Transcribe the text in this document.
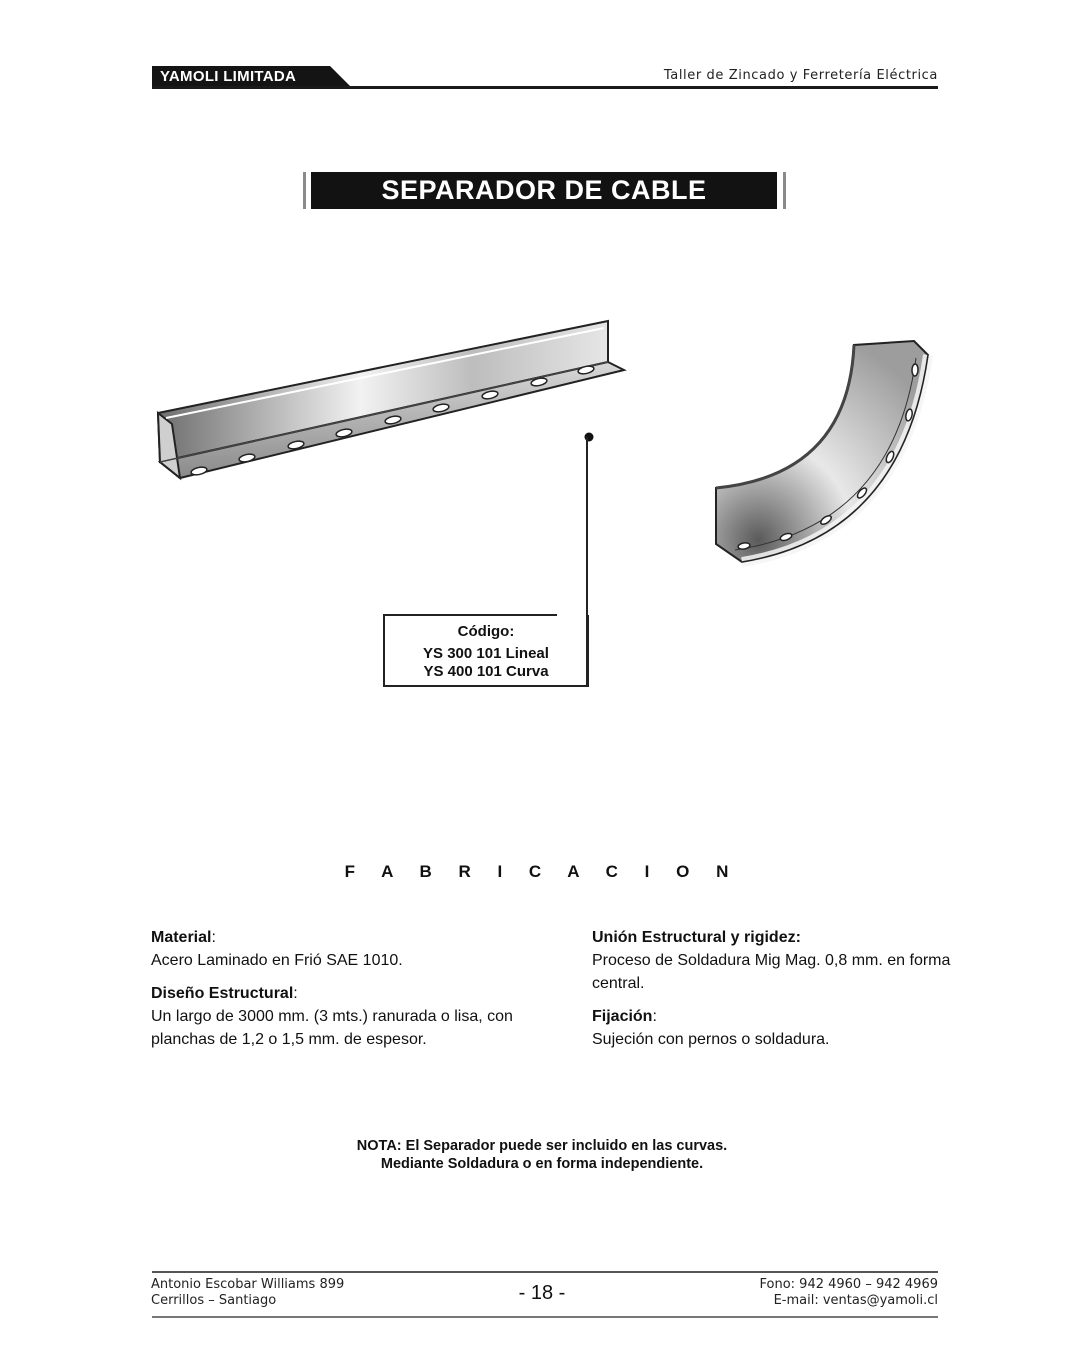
YAMOLI LIMITADA	Taller de Zincado y Ferretería Eléctrica
SEPARADOR DE CABLE
Código:
YS 300 101 Lineal
YS 400 101 Curva
F A B R I C A C I O N
Material:
Acero Laminado en Frió SAE 1010.
Diseño Estructural:
Un largo de 3000 mm. (3 mts.) ranurada o lisa, con planchas de 1,2 o 1,5 mm. de espesor.
Unión Estructural y rigidez:
Proceso de Soldadura Mig Mag. 0,8 mm. en forma central.
Fijación:
Sujeción con pernos o soldadura.
NOTA: El Separador puede ser incluido en las curvas.
Mediante Soldadura o en forma independiente.
Antonio Escobar Williams 899
Cerrillos – Santiago	- 18 -	Fono: 942 4960 – 942 4969
E-mail: ventas@yamoli.cl
